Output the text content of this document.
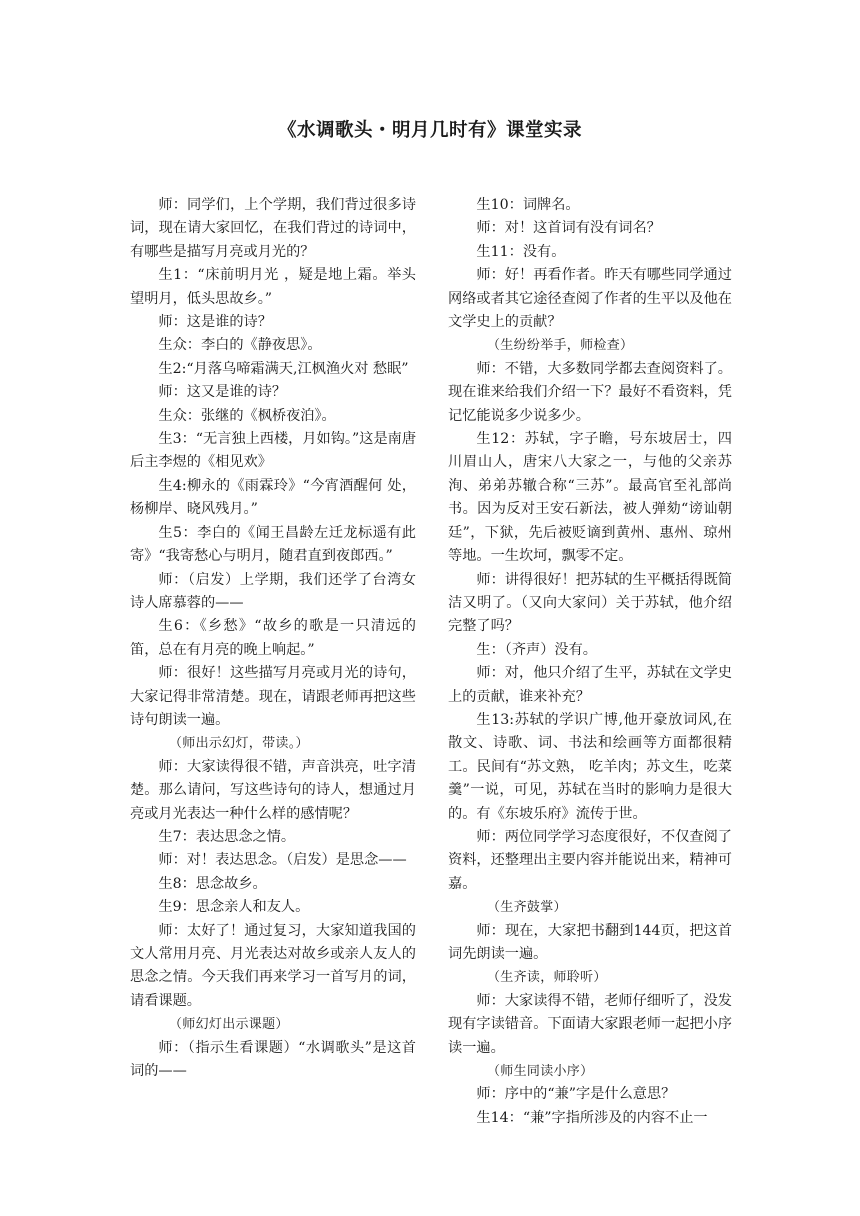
《水调歌头・明月几时有》课堂实录

师：同学们，上个学期，我们背过很多诗词，现在请大家回忆，在我们背过的诗词中，有哪些是描写月亮或月光的？

生1：“床前明月光 ，疑是地上霜。举头望明月，低头思故乡。”

师：这是谁的诗？

生众：李白的《静夜思》。

生2:“月落乌啼霜满天,江枫渔火对 愁眠”

师：这又是谁的诗？

生众：张继的《枫桥夜泊》。

生3：“无言独上西楼，月如钩。”这是南唐后主李煜的《相见欢》

生4:柳永的《雨霖玲》“今宵酒醒何 处，杨柳岸、晓风残月。”

生5：李白的《闻王昌龄左迁龙标遥有此寄》“我寄愁心与明月，随君直到夜郎西。”

师：（启发）上学期，我们还学了台湾女诗人席慕蓉的——

生6：《乡愁》“故乡的歌是一只清远的笛，总在有月亮的晚上响起。”

师：很好！这些描写月亮或月光的诗句，大家记得非常清楚。现在，请跟老师再把这些诗句朗读一遍。

（师出示幻灯，带读。）

师：大家读得很不错，声音洪亮，吐字清楚。那么请问，写这些诗句的诗人，想通过月亮或月光表达一种什么样的感情呢？

生7：表达思念之情。

师：对！表达思念。（启发）是思念——

生8：思念故乡。

生9：思念亲人和友人。

师：太好了！通过复习，大家知道我国的文人常用月亮、月光表达对故乡或亲人友人的思念之情。今天我们再来学习一首写月的词，请看课题。

（师幻灯出示课题）

师：（指示生看课题）“水调歌头”是这首词的——

生10：词牌名。

师：对！这首词有没有词名？

生11：没有。

师：好！再看作者。昨天有哪些同学通过网络或者其它途径查阅了作者的生平以及他在文学史上的贡献？

（生纷纷举手，师检查）

师：不错，大多数同学都去查阅资料了。现在谁来给我们介绍一下？最好不看资料，凭记忆能说多少说多少。

生12：苏轼，字子瞻，号东坡居士，四川眉山人，唐宋八大家之一，与他的父亲苏洵、弟弟苏辙合称“三苏”。最高官至礼部尚书。因为反对王安石新法，被人弹劾“谤讪朝廷”，下狱，先后被贬谪到黄州、惠州、琼州等地。一生坎坷，飘零不定。

师：讲得很好！把苏轼的生平概括得既简洁又明了。（又向大家问）关于苏轼，他介绍完整了吗？

生：（齐声）没有。

师：对，他只介绍了生平，苏轼在文学史上的贡献，谁来补充？

生13:苏轼的学识广博,他开豪放词风,在散文、诗歌、词、书法和绘画等方面都很精工。民间有“苏文熟， 吃羊肉；苏文生，吃菜羹”一说，可见，苏轼在当时的影响力是很大的。有《东坡乐府》流传于世。

师：两位同学学习态度很好，不仅查阅了资料，还整理出主要内容并能说出来，精神可嘉。

（生齐鼓掌）

师：现在，大家把书翻到144页，把这首词先朗读一遍。

（生齐读，师聆听）

师：大家读得不错，老师仔细听了，没发现有字读错音。下面请大家跟老师一起把小序读一遍。

（师生同读小序）

师：序中的“兼”字是什么意思？

生14：“兼”字指所涉及的内容不止一
